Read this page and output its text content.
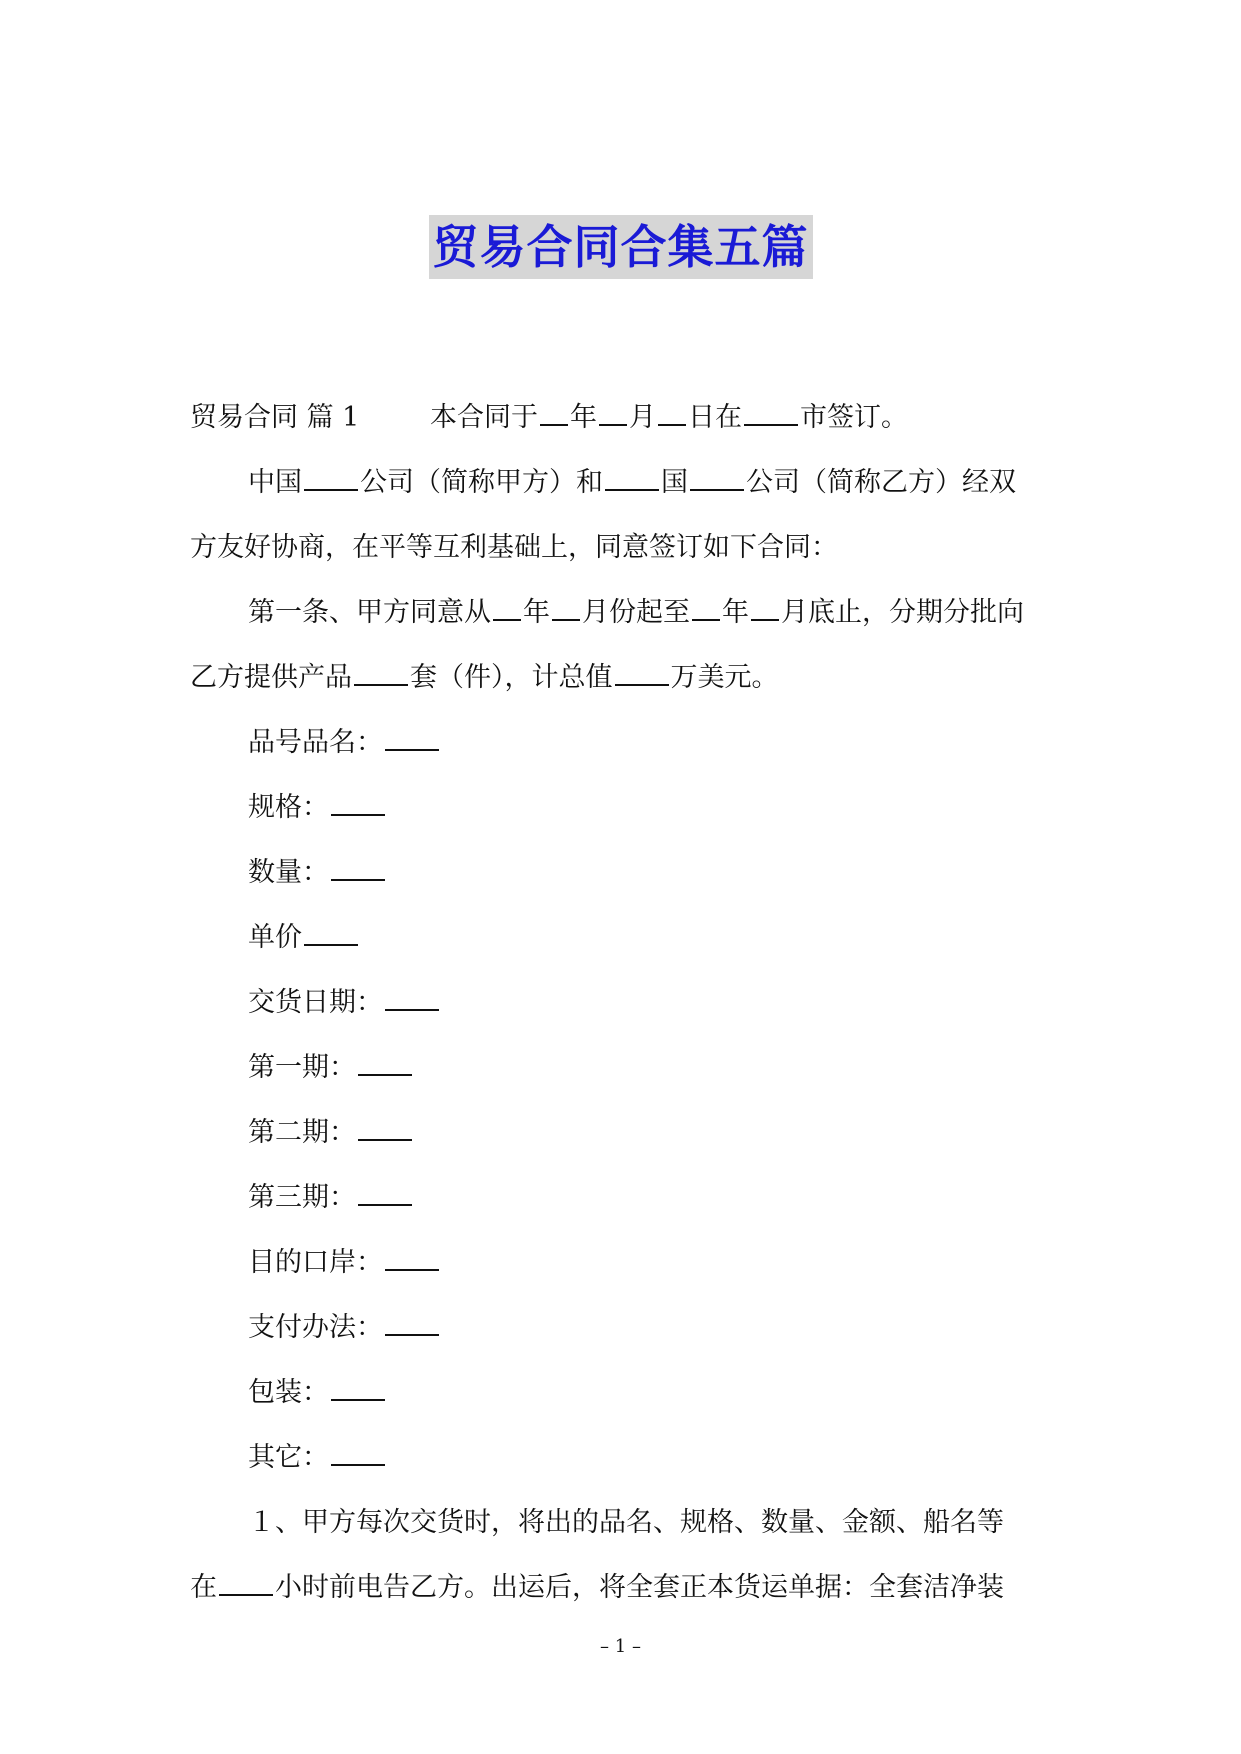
贸易合同合集五篇

贸易合同 篇 1	本合同于 年 月 日在 市签订。

中国 公司（简称甲方）和 国 公司（简称乙方）经双

方友好协商，在平等互利基础上，同意签订如下合同：

第一条、甲方同意从 年 月份起至 年 月底止，分期分批向

乙方提供产品 套（件），计总值 万美元。

品号品名：

规格：

数量：

单价

交货日期：

第一期：

第二期：

第三期：

目的口岸：

支付办法：

包装：

其它：

１、甲方每次交货时，将出的品名、规格、数量、金额、船名等

在 小时前电告乙方。出运后，将全套正本货运单据：全套洁净装

– 1 –
